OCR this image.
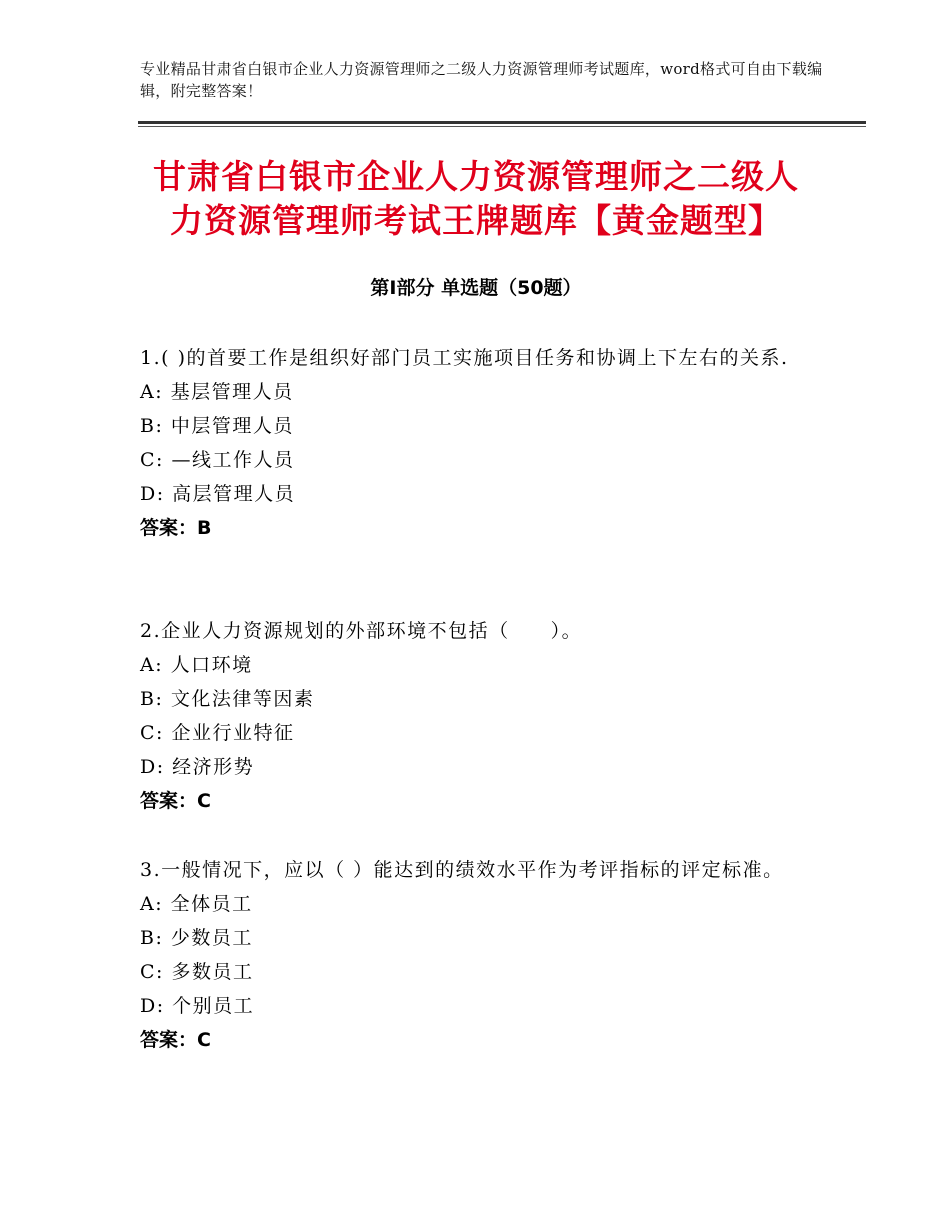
专业精品甘肃省白银市企业人力资源管理师之二级人力资源管理师考试题库，word格式可自由下载编辑，附完整答案！
甘肃省白银市企业人力资源管理师之二级人力资源管理师考试王牌题库【黄金题型】
第Ⅰ部分 单选题（50题）
1.( )的首要工作是组织好部门员工实施项目任务和协调上下左右的关系.
A: 基层管理人员
B: 中层管理人员
C: —线工作人员
D: 高层管理人员
答案：B
2.企业人力资源规划的外部环境不包括（　　）。
A: 人口环境
B: 文化法律等因素
C: 企业行业特征
D: 经济形势
答案：C
3.一般情况下，应以（ ）能达到的绩效水平作为考评指标的评定标准。
A: 全体员工
B: 少数员工
C: 多数员工
D: 个别员工
答案：C
